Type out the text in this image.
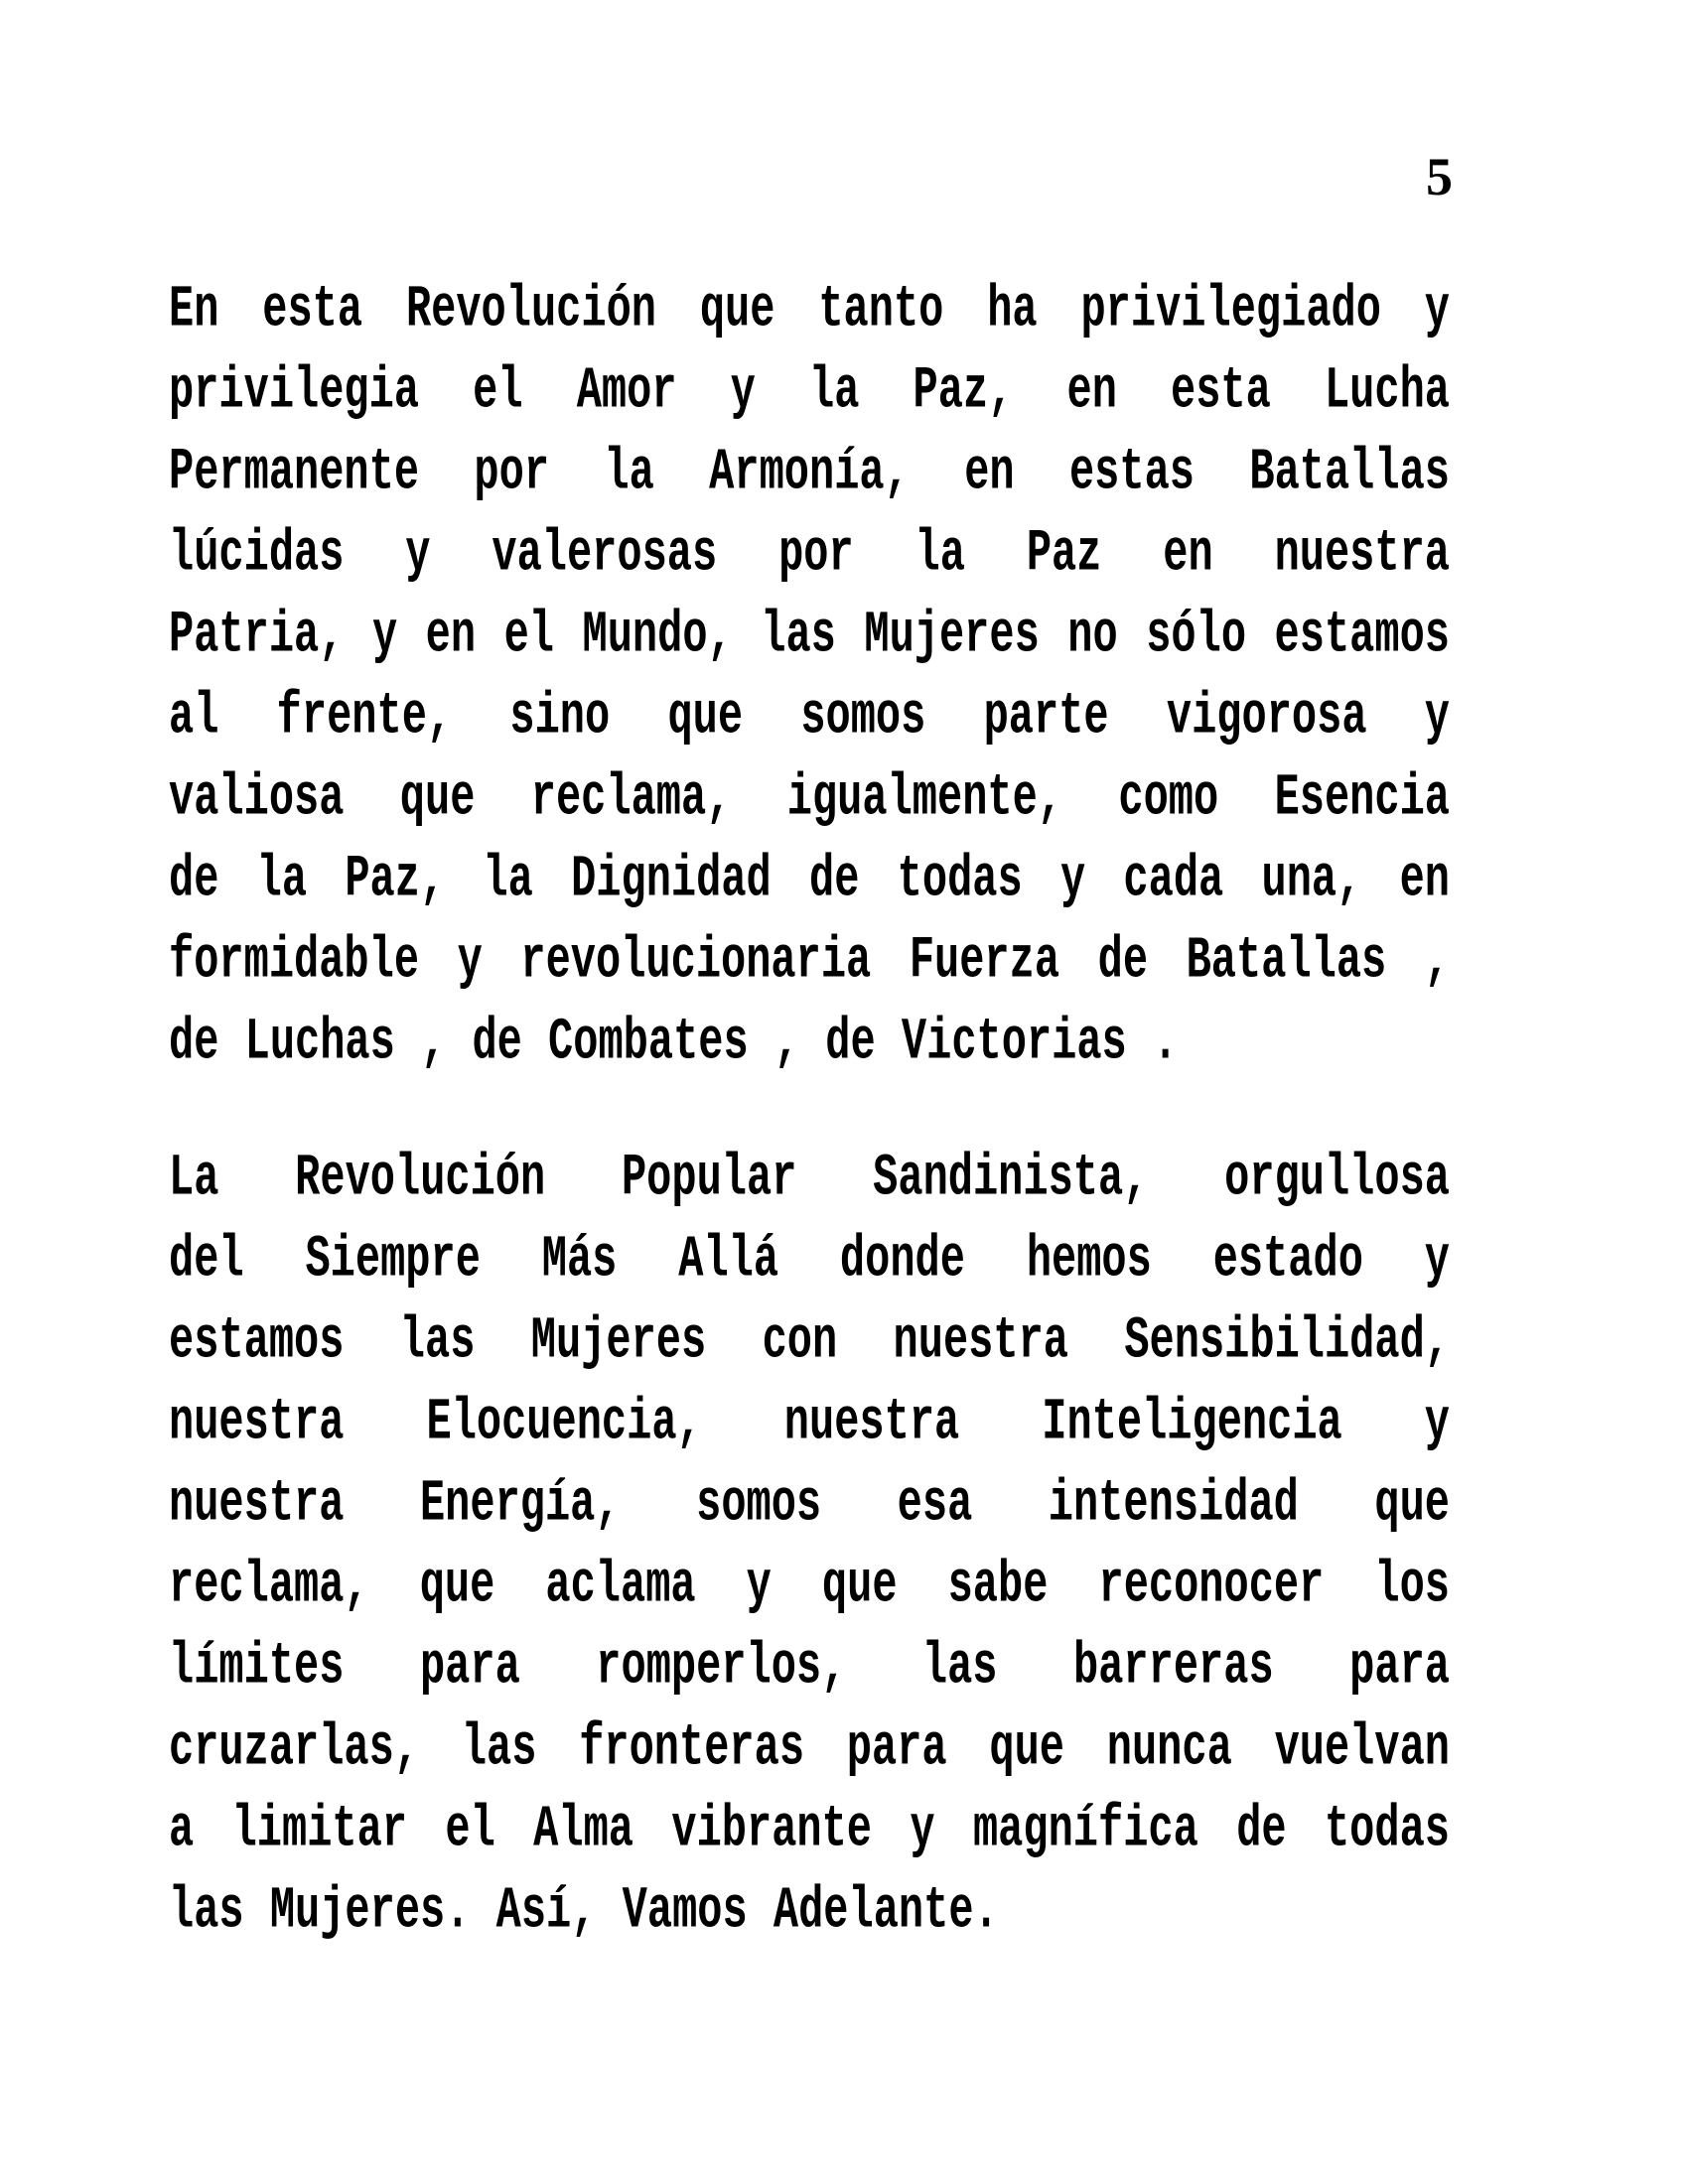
5
En esta Revolución que tanto ha privilegiado y
privilegia el Amor y la Paz, en esta Lucha
Permanente por la Armonía, en estas Batallas
lúcidas y valerosas por la Paz en nuestra
Patria, y en el Mundo, las Mujeres no sólo estamos
al frente, sino que somos parte vigorosa y
valiosa que reclama, igualmente, como Esencia
de la Paz, la Dignidad de todas y cada una, en
formidable y revolucionaria Fuerza de Batallas ,
de Luchas , de Combates , de Victorias .
La Revolución Popular Sandinista, orgullosa
del Siempre Más Allá donde hemos estado y
estamos las Mujeres con nuestra Sensibilidad,
nuestra Elocuencia, nuestra Inteligencia y
nuestra Energía, somos esa intensidad que
reclama, que aclama y que sabe reconocer los
límites para romperlos, las barreras para
cruzarlas, las fronteras para que nunca vuelvan
a limitar el Alma vibrante y magnífica de todas
las Mujeres. Así, Vamos Adelante.
